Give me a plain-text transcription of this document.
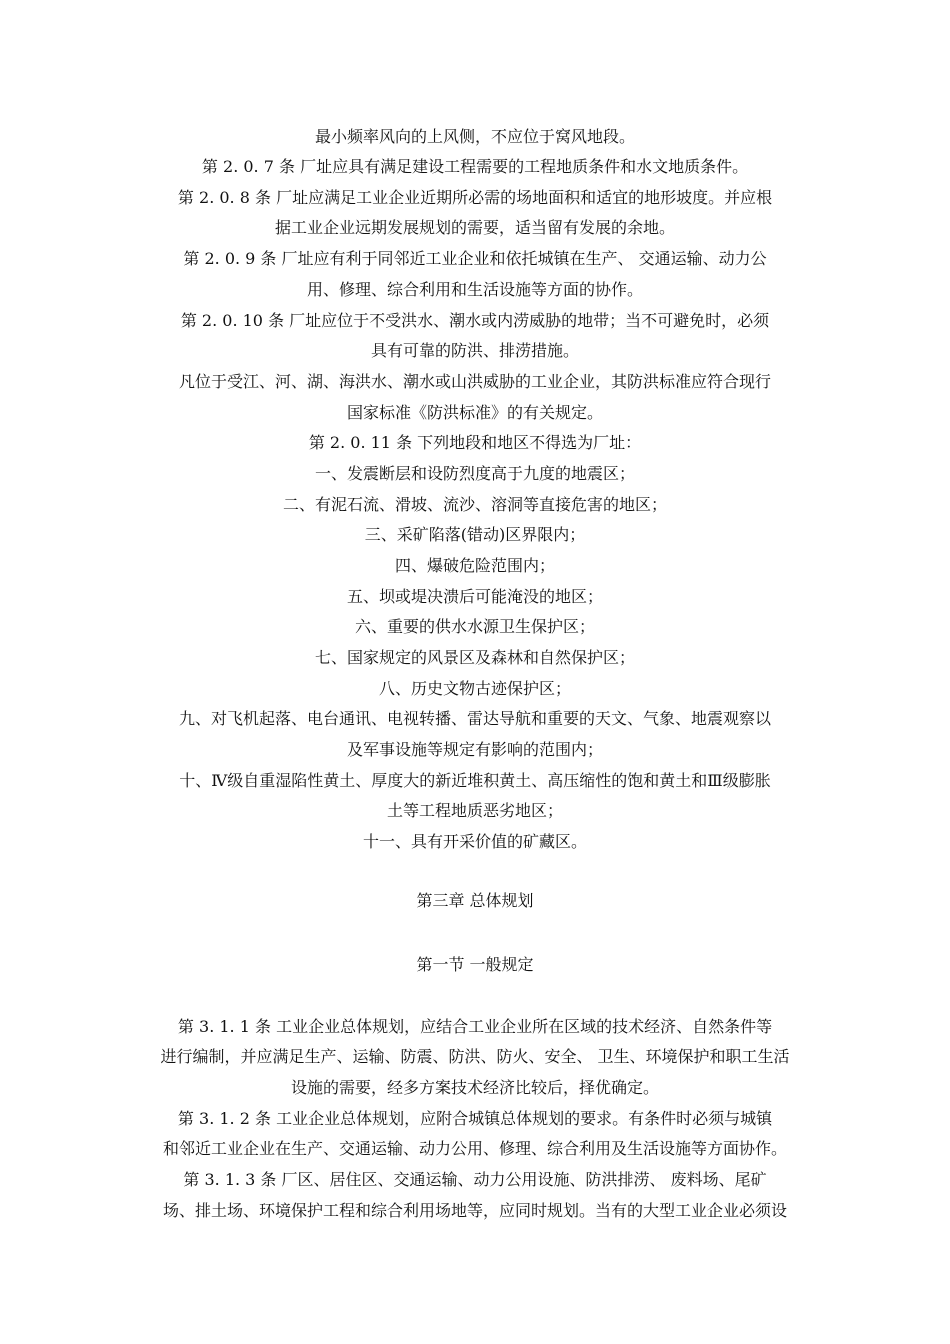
最小频率风向的上风侧，不应位于窝风地段。
第 2. 0. 7 条 厂址应具有满足建设工程需要的工程地质条件和水文地质条件。
第 2. 0. 8 条 厂址应满足工业企业近期所必需的场地面积和适宜的地形坡度。并应根
据工业企业远期发展规划的需要，适当留有发展的余地。
第 2. 0. 9 条 厂址应有利于同邻近工业企业和依托城镇在生产、 交通运输、动力公
用、修理、综合利用和生活设施等方面的协作。
第 2. 0. 10 条 厂址应位于不受洪水、潮水或内涝威胁的地带；当不可避免时，必须
具有可靠的防洪、排涝措施。
凡位于受江、河、湖、海洪水、潮水或山洪威胁的工业企业，其防洪标准应符合现行
国家标准《防洪标准》的有关规定。
第 2. 0. 11 条 下列地段和地区不得选为厂址：
一、发震断层和设防烈度高于九度的地震区；
二、有泥石流、滑坡、流沙、溶洞等直接危害的地区；
三、采矿陷落(错动)区界限内；
四、爆破危险范围内；
五、坝或堤决溃后可能淹没的地区；
六、重要的供水水源卫生保护区；
七、国家规定的风景区及森林和自然保护区；
八、历史文物古迹保护区；
九、对飞机起落、电台通讯、电视转播、雷达导航和重要的天文、气象、地震观察以
及军事设施等规定有影响的范围内；
十、Ⅳ级自重湿陷性黄土、厚度大的新近堆积黄土、高压缩性的饱和黄土和Ⅲ级膨胀
土等工程地质恶劣地区；
十一、具有开采价值的矿藏区。
第三章 总体规划
第一节 一般规定
第 3. 1. 1 条 工业企业总体规划，应结合工业企业所在区域的技术经济、自然条件等
进行编制，并应满足生产、运输、防震、防洪、防火、安全、 卫生、环境保护和职工生活
设施的需要，经多方案技术经济比较后，择优确定。
第 3. 1. 2 条 工业企业总体规划，应附合城镇总体规划的要求。有条件时必须与城镇
和邻近工业企业在生产、交通运输、动力公用、修理、综合利用及生活设施等方面协作。
第 3. 1. 3 条 厂区、居住区、交通运输、动力公用设施、防洪排涝、 废料场、尾矿
场、排土场、环境保护工程和综合利用场地等，应同时规划。当有的大型工业企业必须设
